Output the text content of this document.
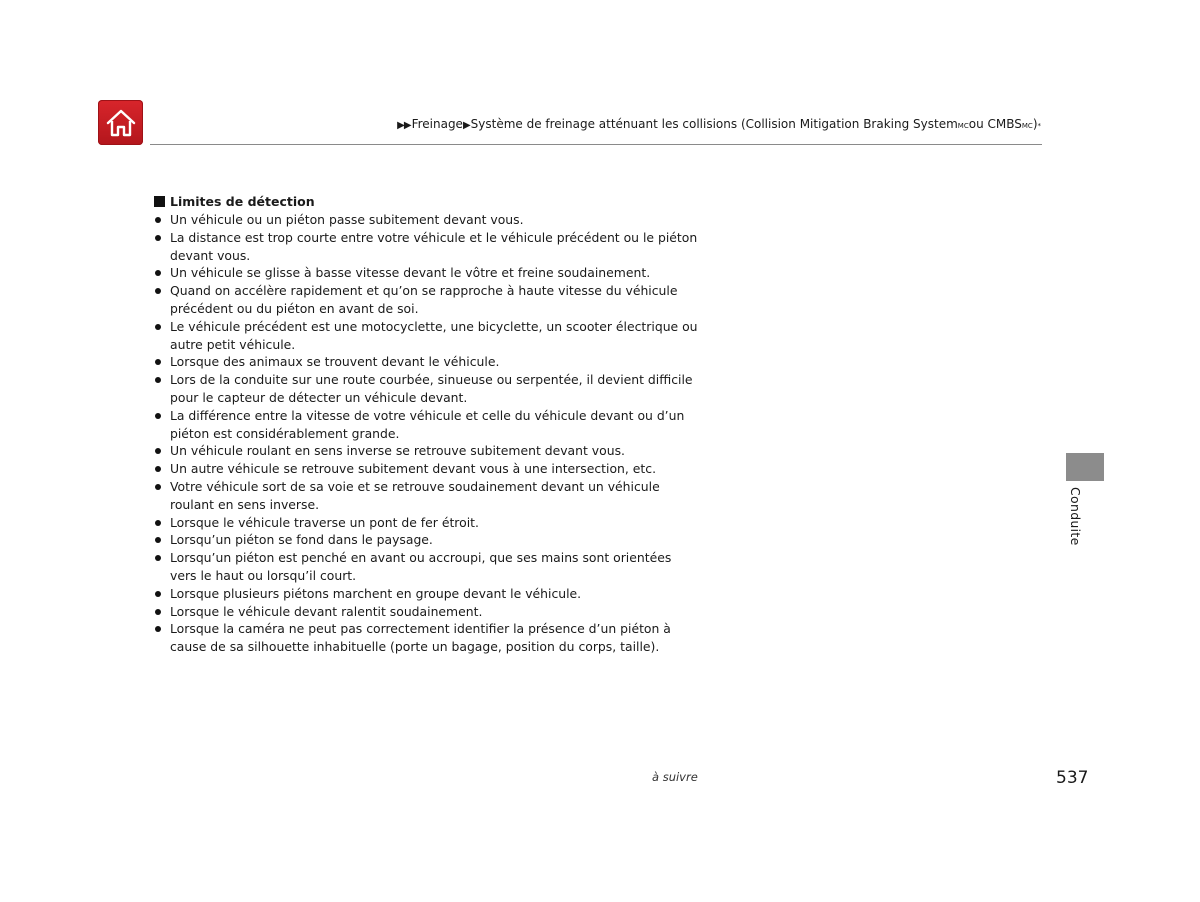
▶▶ Freinage ▶ Système de freinage atténuant les collisions (Collision Mitigation Braking System MC ou CMBS MC ) *
Limites de détection
Un véhicule ou un piéton passe subitement devant vous.
La distance est trop courte entre votre véhicule et le véhicule précédent ou le piéton devant vous.
Un véhicule se glisse à basse vitesse devant le vôtre et freine soudainement.
Quand on accélère rapidement et qu’on se rapproche à haute vitesse du véhicule précédent ou du piéton en avant de soi.
Le véhicule précédent est une motocyclette, une bicyclette, un scooter électrique ou autre petit véhicule.
Lorsque des animaux se trouvent devant le véhicule.
Lors de la conduite sur une route courbée, sinueuse ou serpentée, il devient difficile pour le capteur de détecter un véhicule devant.
La différence entre la vitesse de votre véhicule et celle du véhicule devant ou d’un piéton est considérablement grande.
Un véhicule roulant en sens inverse se retrouve subitement devant vous.
Un autre véhicule se retrouve subitement devant vous à une intersection, etc.
Votre véhicule sort de sa voie et se retrouve soudainement devant un véhicule roulant en sens inverse.
Lorsque le véhicule traverse un pont de fer étroit.
Lorsqu’un piéton se fond dans le paysage.
Lorsqu’un piéton est penché en avant ou accroupi, que ses mains sont orientées vers le haut ou lorsqu’il court.
Lorsque plusieurs piétons marchent en groupe devant le véhicule.
Lorsque le véhicule devant ralentit soudainement.
Lorsque la caméra ne peut pas correctement identifier la présence d’un piéton à cause de sa silhouette inhabituelle (porte un bagage, position du corps, taille).
Conduite
à suivre	537
